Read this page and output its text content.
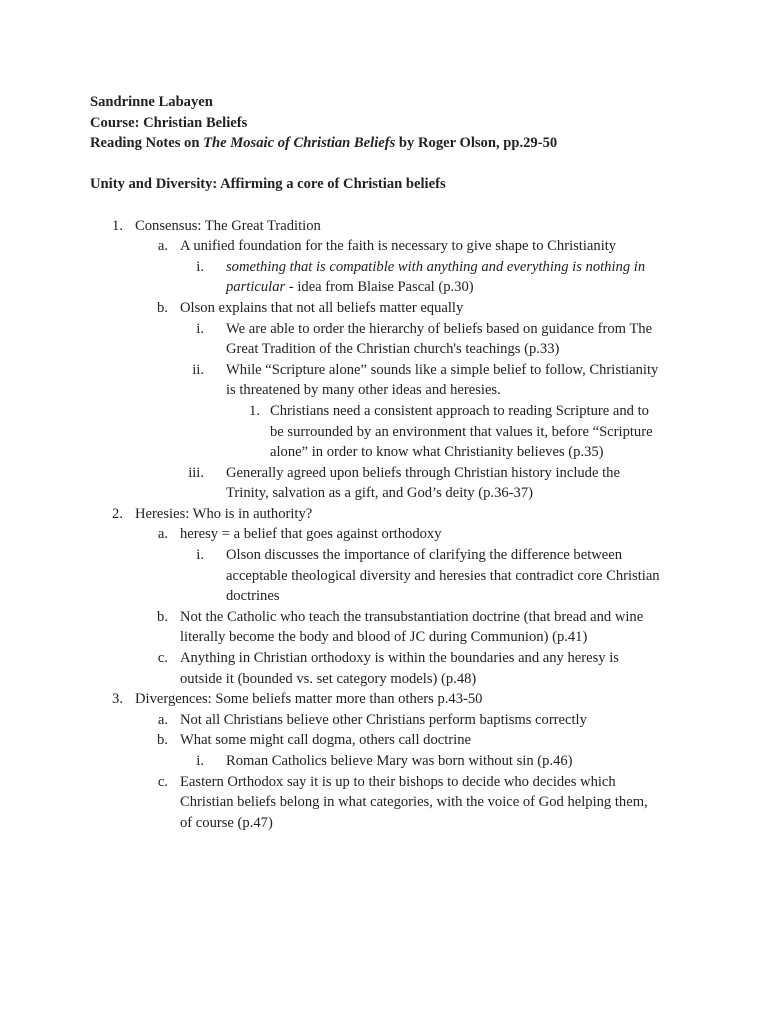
Sandrinne Labayen
Course: Christian Beliefs
Reading Notes on The Mosaic of Christian Beliefs by Roger Olson, pp.29-50
Unity and Diversity: Affirming a core of Christian beliefs
1. Consensus: The Great Tradition
a. A unified foundation for the faith is necessary to give shape to Christianity
i. something that is compatible with anything and everything is nothing in
particular - idea from Blaise Pascal (p.30)
b. Olson explains that not all beliefs matter equally
i. We are able to order the hierarchy of beliefs based on guidance from The
Great Tradition of the Christian church's teachings (p.33)
ii. While “Scripture alone” sounds like a simple belief to follow, Christianity
is threatened by many other ideas and heresies.
1. Christians need a consistent approach to reading Scripture and to
be surrounded by an environment that values it, before “Scripture
alone” in order to know what Christianity believes (p.35)
iii. Generally agreed upon beliefs through Christian history include the
Trinity, salvation as a gift, and God’s deity (p.36-37)
2. Heresies: Who is in authority?
a. heresy = a belief that goes against orthodoxy
i. Olson discusses the importance of clarifying the difference between
acceptable theological diversity and heresies that contradict core Christian
doctrines
b. Not the Catholic who teach the transubstantiation doctrine (that bread and wine
literally become the body and blood of JC during Communion) (p.41)
c. Anything in Christian orthodoxy is within the boundaries and any heresy is
outside it (bounded vs. set category models) (p.48)
3. Divergences: Some beliefs matter more than others p.43-50
a. Not all Christians believe other Christians perform baptisms correctly
b. What some might call dogma, others call doctrine
i. Roman Catholics believe Mary was born without sin (p.46)
c. Eastern Orthodox say it is up to their bishops to decide who decides which
Christian beliefs belong in what categories, with the voice of God helping them,
of course (p.47)
